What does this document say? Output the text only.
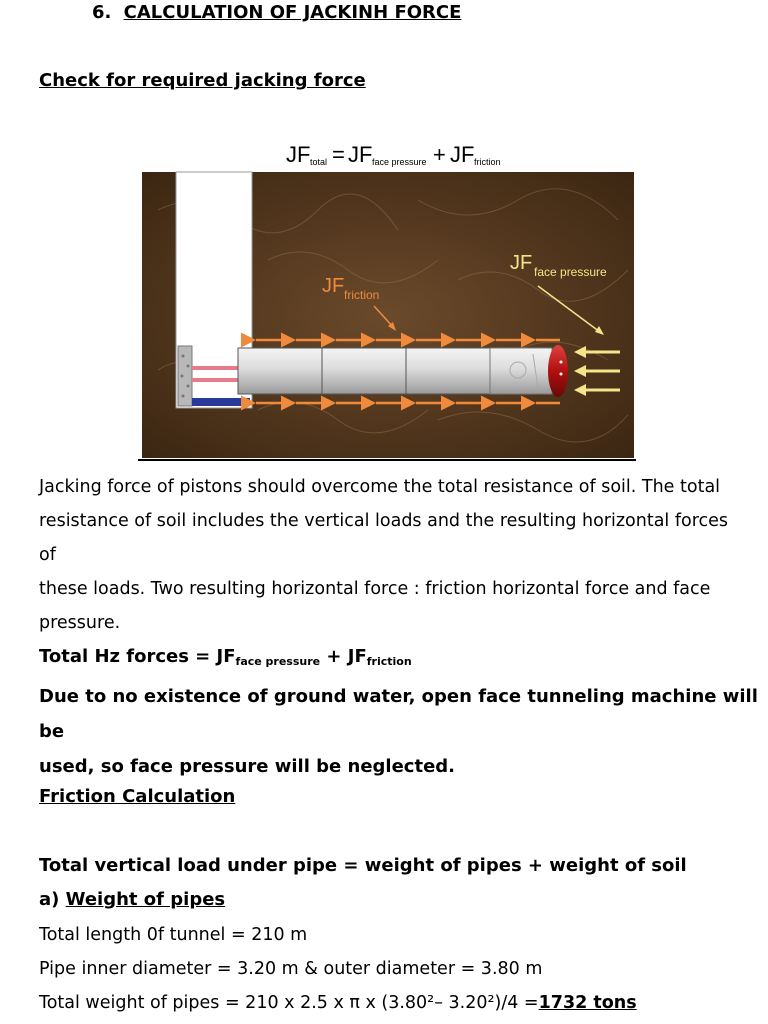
6. CALCULATION OF JACKINH FORCE
Check for required jacking force
JF total = JF face pressure + JF friction
JF friction
JF face pressure
Jacking force of pistons should overcome the total resistance of soil. The total
resistance of soil includes the vertical loads and the resulting horizontal forces of
these loads. Two resulting horizontal force : friction horizontal force and face
pressure.
Total Hz forces = $JF_{face pressure} + JF_{friction}$
Due to no existence of ground water, open face tunneling machine will be
used, so face pressure will be neglected.
Friction Calculation
Total vertical load under pipe = weight of pipes + weight of soil
a) Weight of pipes
Total length 0f tunnel = 210 m
Pipe inner diameter = 3.20 m & outer diameter = 3.80 m
Total weight of pipes = 210 x 2.5 x π x (3.80²– 3.20²)/4 =1732 tons
